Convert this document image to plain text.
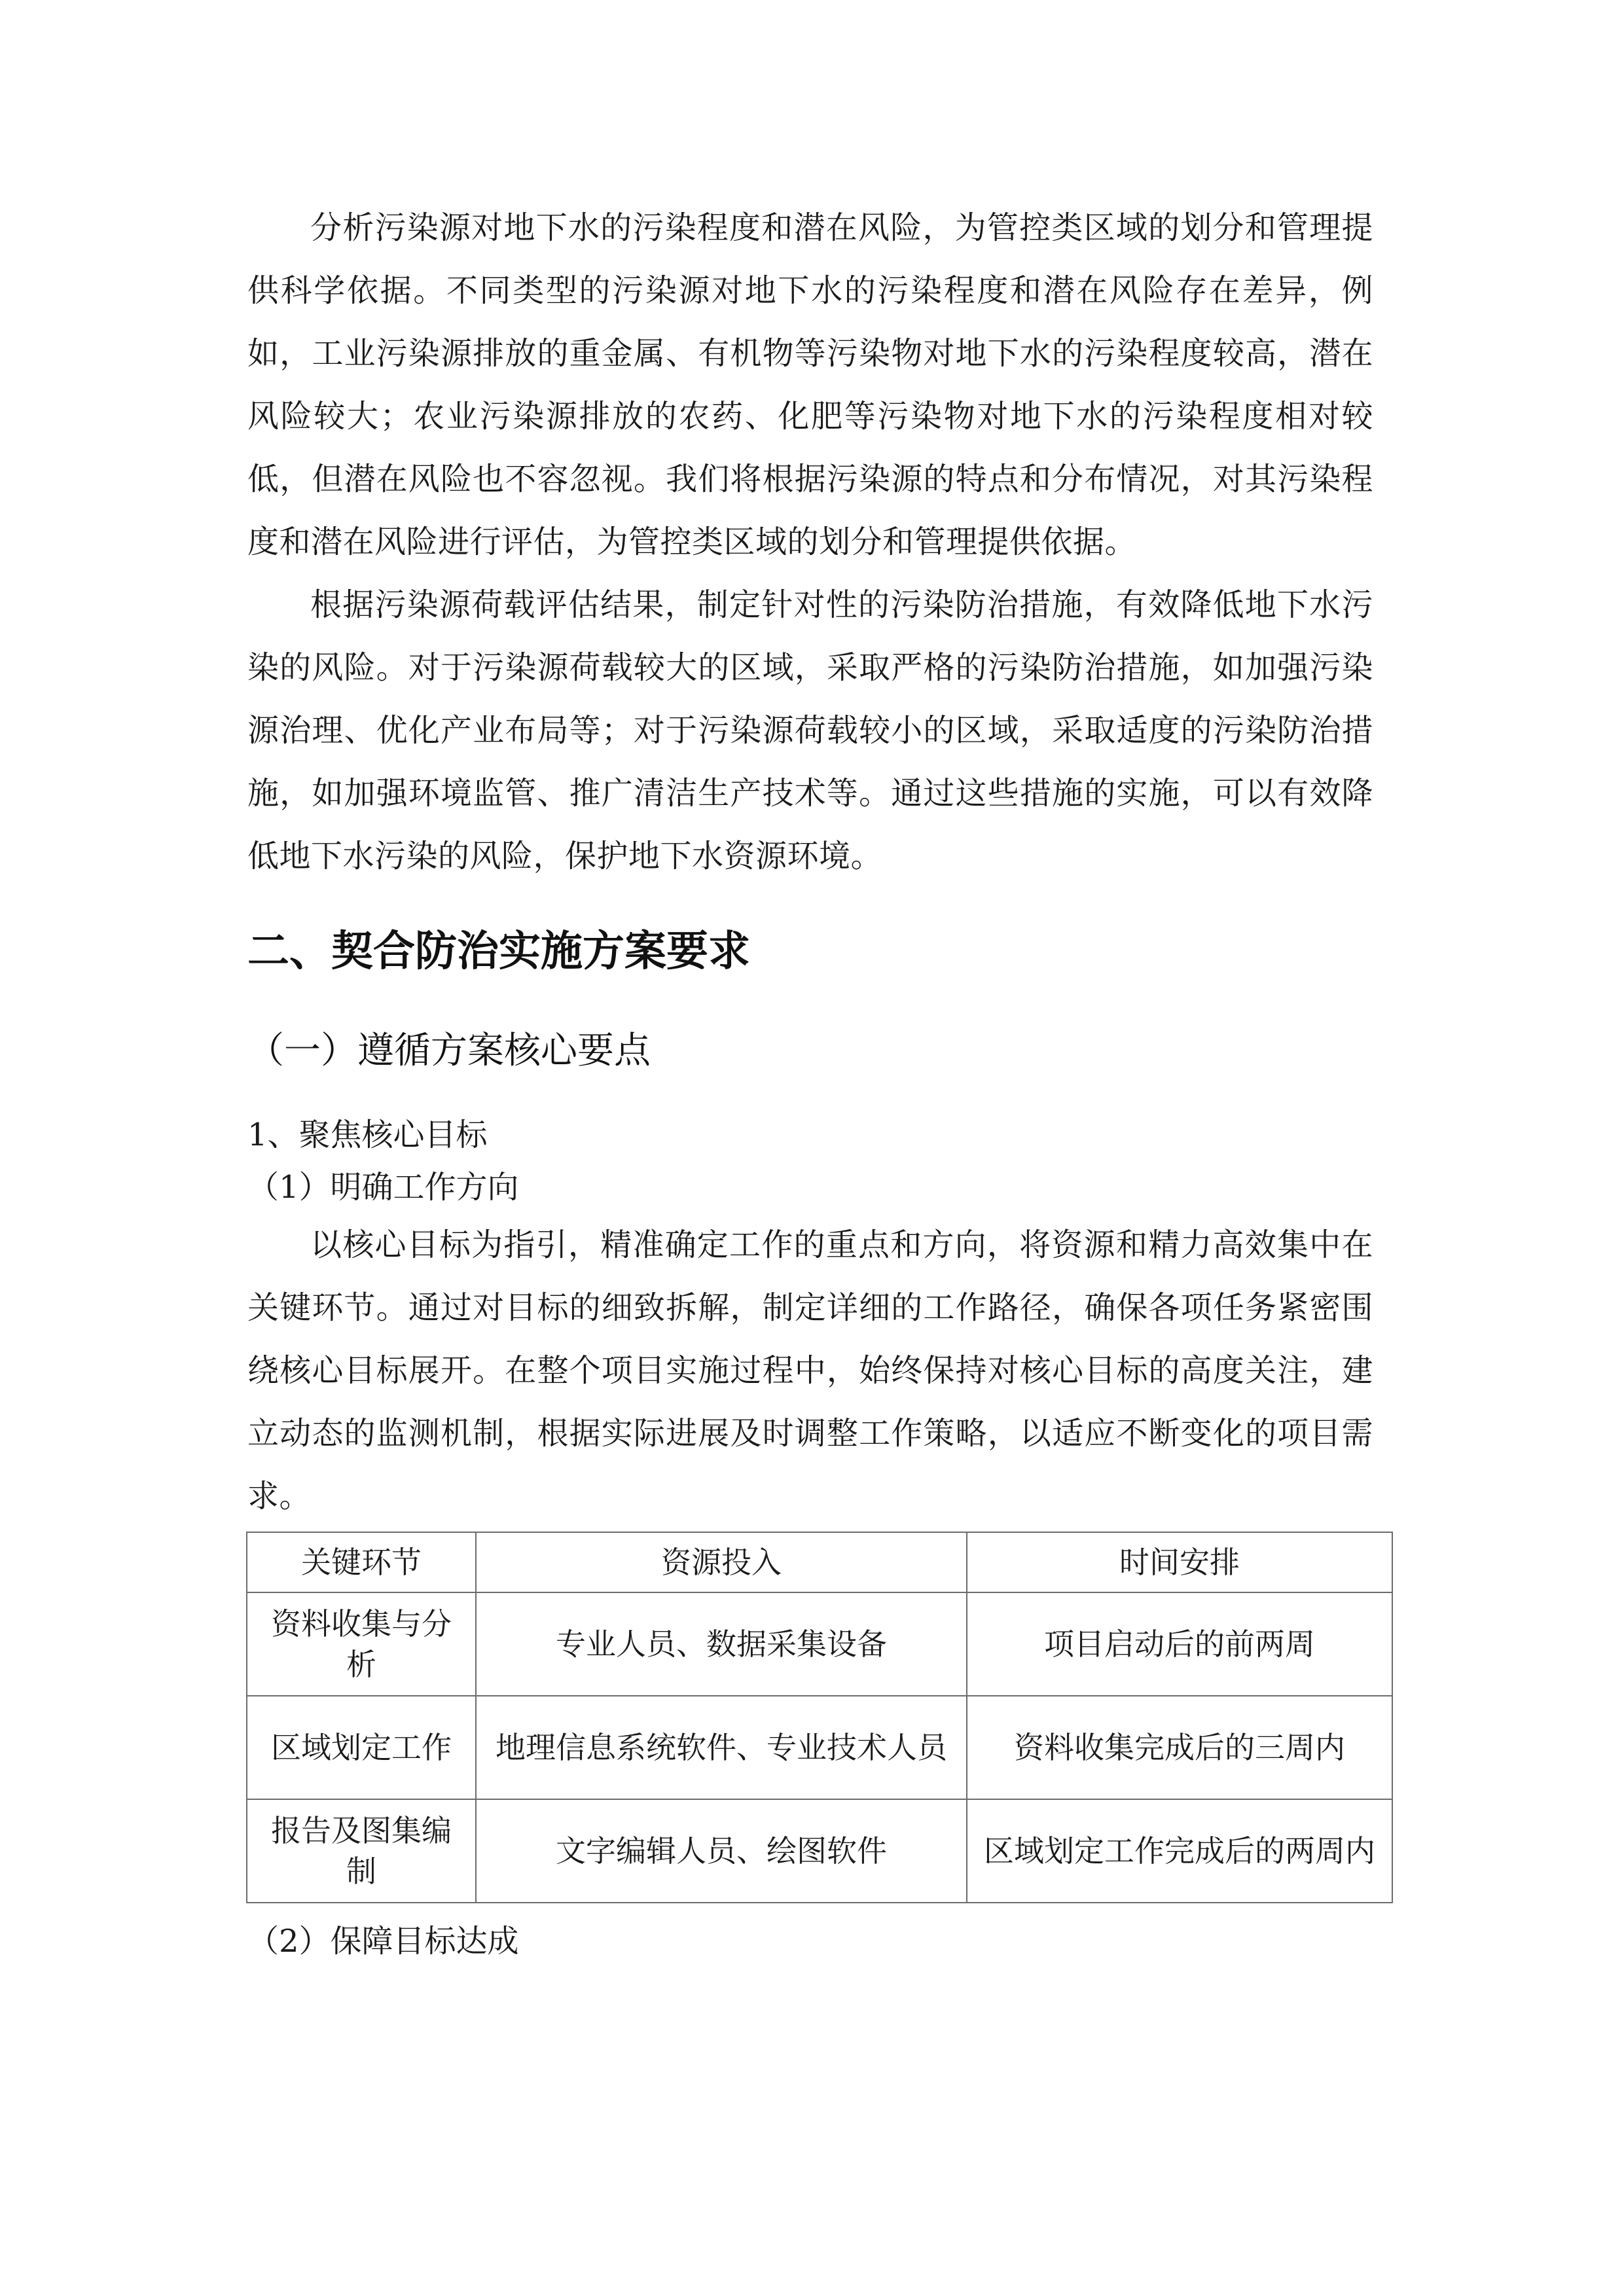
分析污染源对地下水的污染程度和潜在风险，为管控类区域的划分和管理提供科学依据。不同类型的污染源对地下水的污染程度和潜在风险存在差异，例如，工业污染源排放的重金属、有机物等污染物对地下水的污染程度较高，潜在风险较大；农业污染源排放的农药、化肥等污染物对地下水的污染程度相对较低，但潜在风险也不容忽视。我们将根据污染源的特点和分布情况，对其污染程度和潜在风险进行评估，为管控类区域的划分和管理提供依据。

根据污染源荷载评估结果，制定针对性的污染防治措施，有效降低地下水污染的风险。对于污染源荷载较大的区域，采取严格的污染防治措施，如加强污染源治理、优化产业布局等；对于污染源荷载较小的区域，采取适度的污染防治措施，如加强环境监管、推广清洁生产技术等。通过这些措施的实施，可以有效降低地下水污染的风险，保护地下水资源环境。

二、契合防治实施方案要求
（一）遵循方案核心要点
1、聚焦核心目标
（1）明确工作方向

以核心目标为指引，精准确定工作的重点和方向，将资源和精力高效集中在关键环节。通过对目标的细致拆解，制定详细的工作路径，确保各项任务紧密围绕核心目标展开。在整个项目实施过程中，始终保持对核心目标的高度关注，建立动态的监测机制，根据实际进展及时调整工作策略，以适应不断变化的项目需求。

关键环节	资源投入	时间安排
资料收集与分析	专业人员、数据采集设备	项目启动后的前两周
区域划定工作	地理信息系统软件、专业技术人员	资料收集完成后的三周内
报告及图集编制	文字编辑人员、绘图软件	区域划定工作完成后的两周内
（2）保障目标达成
